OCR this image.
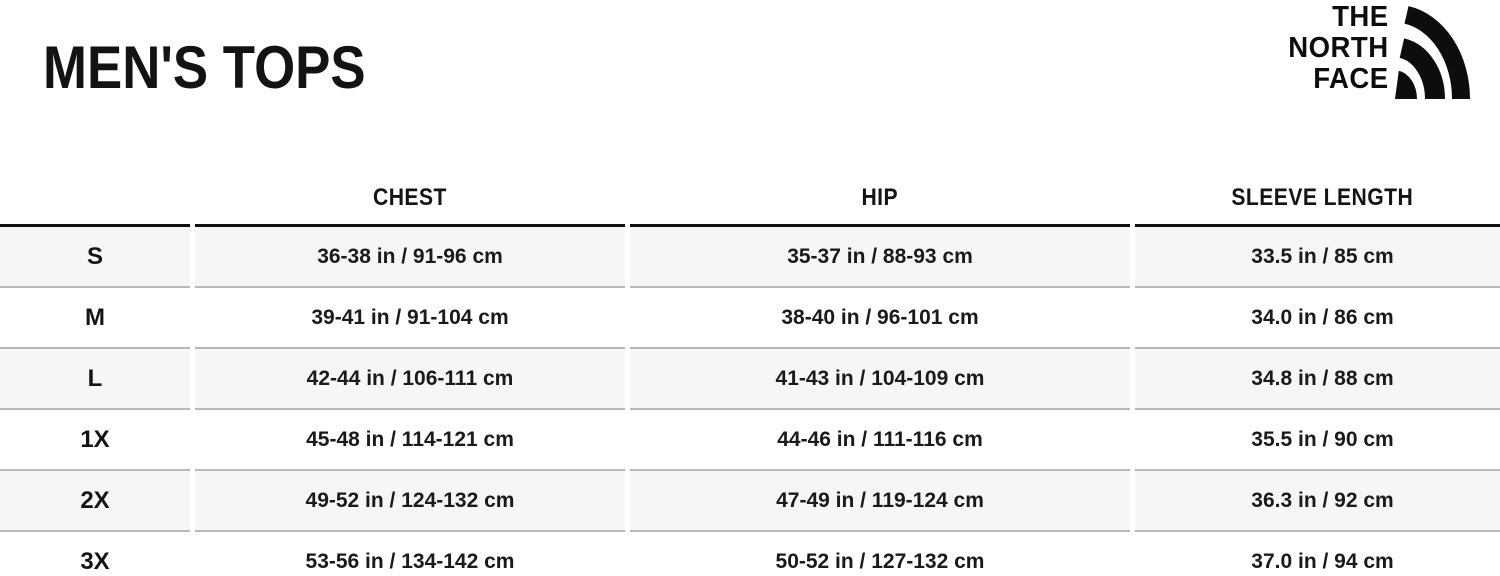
MEN'S TOPS
THE
NORTH
FACE
	CHEST	HIP	SLEEVE LENGTH
S	36-38 in / 91-96 cm	35-37 in / 88-93 cm	33.5 in / 85 cm
M	39-41 in / 91-104 cm	38-40 in / 96-101 cm	34.0 in / 86 cm
L	42-44 in / 106-111 cm	41-43 in / 104-109 cm	34.8 in / 88 cm
1X	45-48 in / 114-121 cm	44-46 in / 111-116 cm	35.5 in / 90 cm
2X	49-52 in / 124-132 cm	47-49 in / 119-124 cm	36.3 in / 92 cm
3X	53-56 in / 134-142 cm	50-52 in / 127-132 cm	37.0 in / 94 cm
